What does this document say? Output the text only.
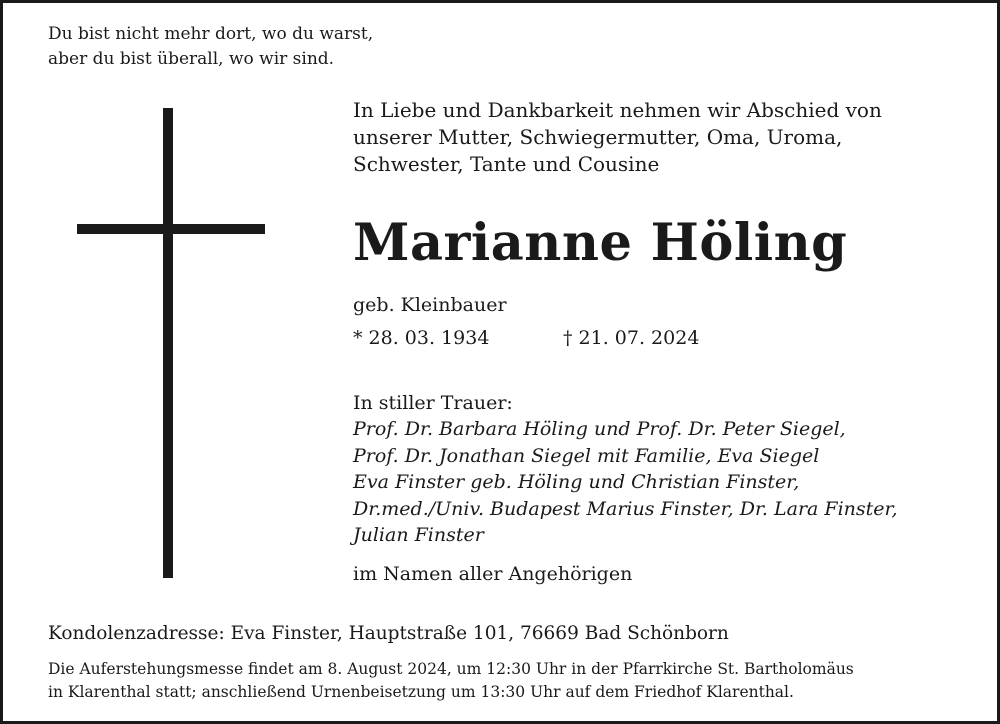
Du bist nicht mehr dort, wo du warst,
aber du bist überall, wo wir sind.
In Liebe und Dankbarkeit nehmen wir Abschied von
unserer Mutter, Schwiegermutter, Oma, Uroma,
Schwester, Tante und Cousine
Marianne Höling
geb. Kleinbauer
* 28. 03. 1934	† 21. 07. 2024
In stiller Trauer:
Prof. Dr. Barbara Höling und Prof. Dr. Peter Siegel,
Prof. Dr. Jonathan Siegel mit Familie, Eva Siegel
Eva Finster geb. Höling und Christian Finster,
Dr.med./Univ. Budapest Marius Finster, Dr. Lara Finster,
Julian Finster
im Namen aller Angehörigen
Kondolenzadresse: Eva Finster, Hauptstraße 101, 76669 Bad Schönborn
Die Auferstehungsmesse findet am 8. August 2024, um 12:30 Uhr in der Pfarrkirche St. Bartholomäus
in Klarenthal statt; anschließend Urnenbeisetzung um 13:30 Uhr auf dem Friedhof Klarenthal.
